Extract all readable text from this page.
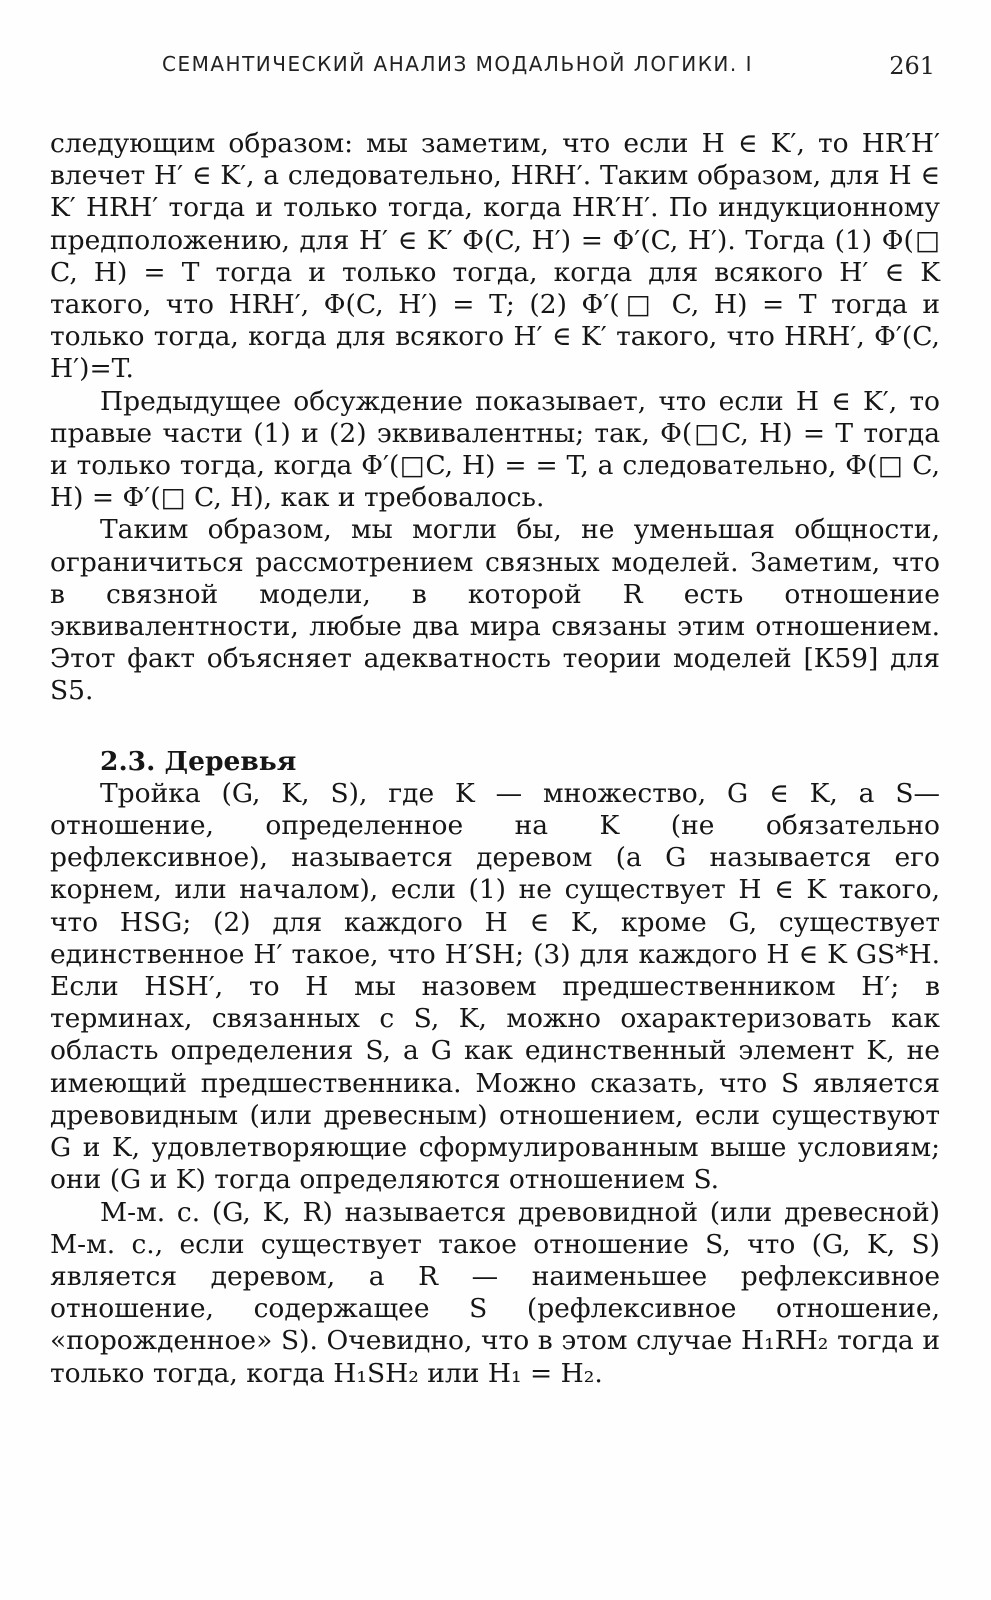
СЕМАНТИЧЕСКИЙ АНАЛИЗ МОДАЛЬНОЙ ЛОГИКИ. I	261

следующим образом: мы заметим, что если H ∈ K′, то HR′H′ влечет H′ ∈ K′, а следовательно, HRH′. Таким образом, для H ∈ K′ HRH′ тогда и только тогда, когда HR′H′. По индукционному предположению, для H′ ∈ K′ Φ(C, H′) = Φ′(C, H′). Тогда (1) Φ(□ C, H) = T тогда и только тогда, когда для всякого H′ ∈ K такого, что HRH′, Φ(C, H′) = T; (2) Φ′(□ C, H) = T тогда и только тогда, когда для всякого H′ ∈ K′ такого, что HRH′, Φ′(C, H′)=T.

Предыдущее обсуждение показывает, что если H ∈ K′, то правые части (1) и (2) эквивалентны; так, Φ(□C, H) = T тогда и только тогда, когда Φ′(□C, H) = = T, а следовательно, Φ(□ C, H) = Φ′(□ C, H), как и требовалось.

Таким образом, мы могли бы, не уменьшая общности, ограничиться рассмотрением связных моделей. Заметим, что в связной модели, в которой R есть отношение эквивалентности, любые два мира связаны этим отношением. Этот факт объясняет адекватность теории моделей [К59] для S5.

2.3. Деревья

Тройка (G, K, S), где K — множество, G ∈ K, а S—отношение, определенное на K (не обязательно рефлексивное), называется деревом (а G называется его корнем, или началом), если (1) не существует H ∈ K такого, что HSG; (2) для каждого H ∈ K, кроме G, существует единственное H′ такое, что H′SH; (3) для каждого H ∈ K GS*H. Если HSH′, то H мы назовем предшественником H′; в терминах, связанных с S, K, можно охарактеризовать как область определения S, а G как единственный элемент K, не имеющий предшественника. Можно сказать, что S является древовидным (или древесным) отношением, если существуют G и K, удовлетворяющие сформулированным выше условиям; они (G и K) тогда определяются отношением S.

M-м. с. (G, K, R) называется древовидной (или древесной) M-м. с., если существует такое отношение S, что (G, K, S) является деревом, а R — наименьшее рефлексивное отношение, содержащее S (рефлексивное отношение, «порожденное» S). Очевидно, что в этом случае H₁RH₂ тогда и только тогда, когда H₁SH₂ или H₁ = H₂.
